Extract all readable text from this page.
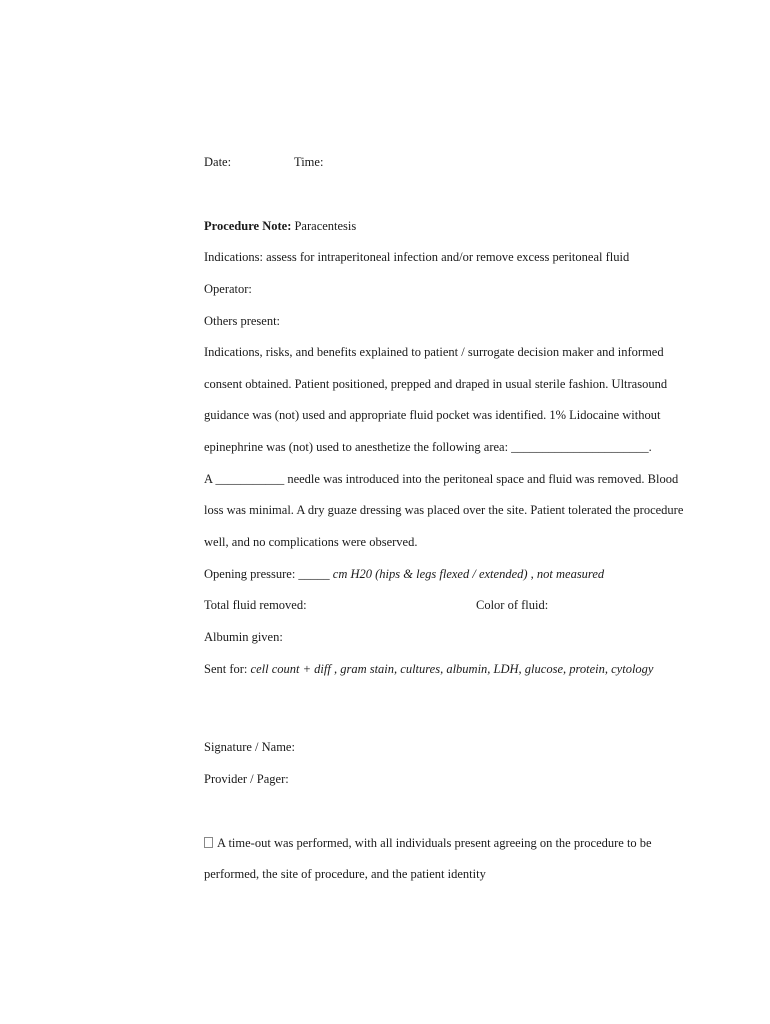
Date:	Time:
Procedure Note: Paracentesis
Indications: assess for intraperitoneal infection and/or remove excess peritoneal fluid
Operator:
Others present:
Indications, risks, and benefits explained to patient / surrogate decision maker and informed
consent obtained. Patient positioned, prepped and draped in usual sterile fashion. Ultrasound
guidance was (not) used and appropriate fluid pocket was identified. 1% Lidocaine without
epinephrine was (not) used to anesthetize the following area: ______________________.
A ___________ needle was introduced into the peritoneal space and fluid was removed. Blood
loss was minimal. A dry guaze dressing was placed over the site. Patient tolerated the procedure
well, and no complications were observed.
Opening pressure: _____ cm H20 (hips & legs flexed / extended) , not measured
Total fluid removed:	Color of fluid:
Albumin given:
Sent for: cell count + diff , gram stain, cultures, albumin, LDH, glucose, protein, cytology
Signature / Name:
Provider / Pager:
A time-out was performed, with all individuals present agreeing on the procedure to be
performed, the site of procedure, and the patient identity
